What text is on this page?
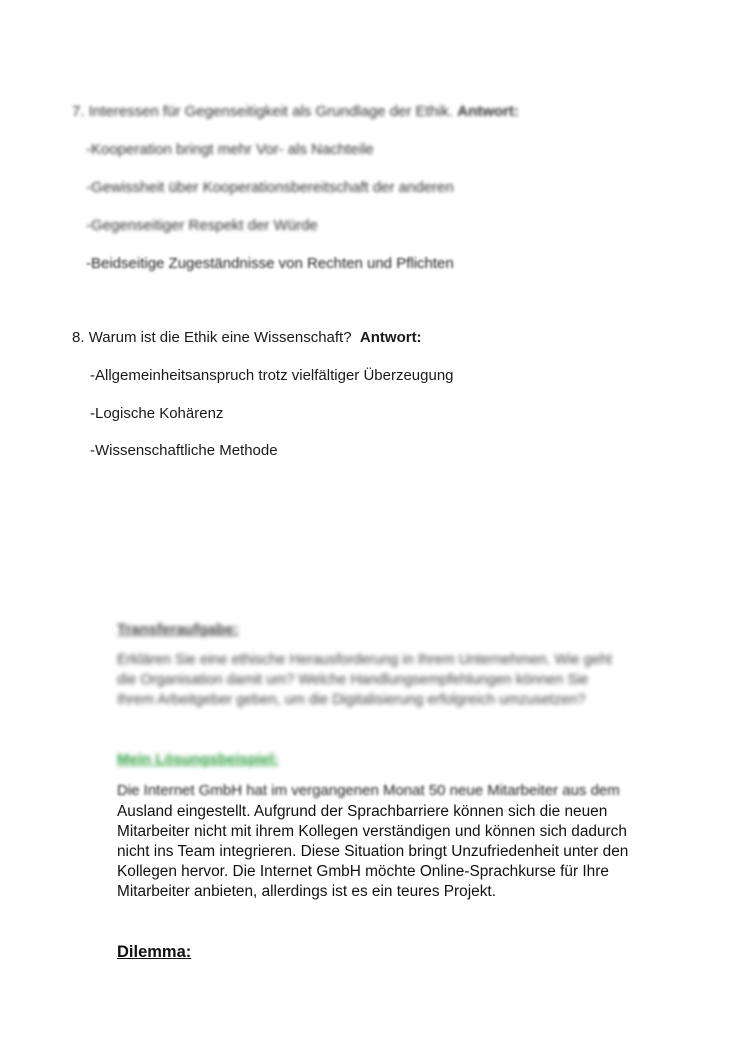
7. Interessen für Gegenseitigkeit als Grundlage der Ethik. Antwort:
-Kooperation bringt mehr Vor- als Nachteile
-Gewissheit über Kooperationsbereitschaft der anderen
-Gegenseitiger Respekt der Würde
-Beidseitige Zugeständnisse von Rechten und Pflichten
8. Warum ist die Ethik eine Wissenschaft? Antwort:
-Allgemeinheitsanspruch trotz vielfältiger Überzeugung
-Logische Kohärenz
-Wissenschaftliche Methode
Transferaufgabe:
Erklären Sie eine ethische Herausforderung in Ihrem Unternehmen. Wie geht
die Organisation damit um? Welche Handlungsempfehlungen können Sie
Ihrem Arbeitgeber geben, um die Digitalisierung erfolgreich umzusetzen?
Mein Lösungsbeispiel:
Die Internet GmbH hat im vergangenen Monat 50 neue Mitarbeiter aus dem
Ausland eingestellt. Aufgrund der Sprachbarriere können sich die neuen
Mitarbeiter nicht mit ihrem Kollegen verständigen und können sich dadurch
nicht ins Team integrieren. Diese Situation bringt Unzufriedenheit unter den
Kollegen hervor. Die Internet GmbH möchte Online-Sprachkurse für Ihre
Mitarbeiter anbieten, allerdings ist es ein teures Projekt.
Dilemma:
